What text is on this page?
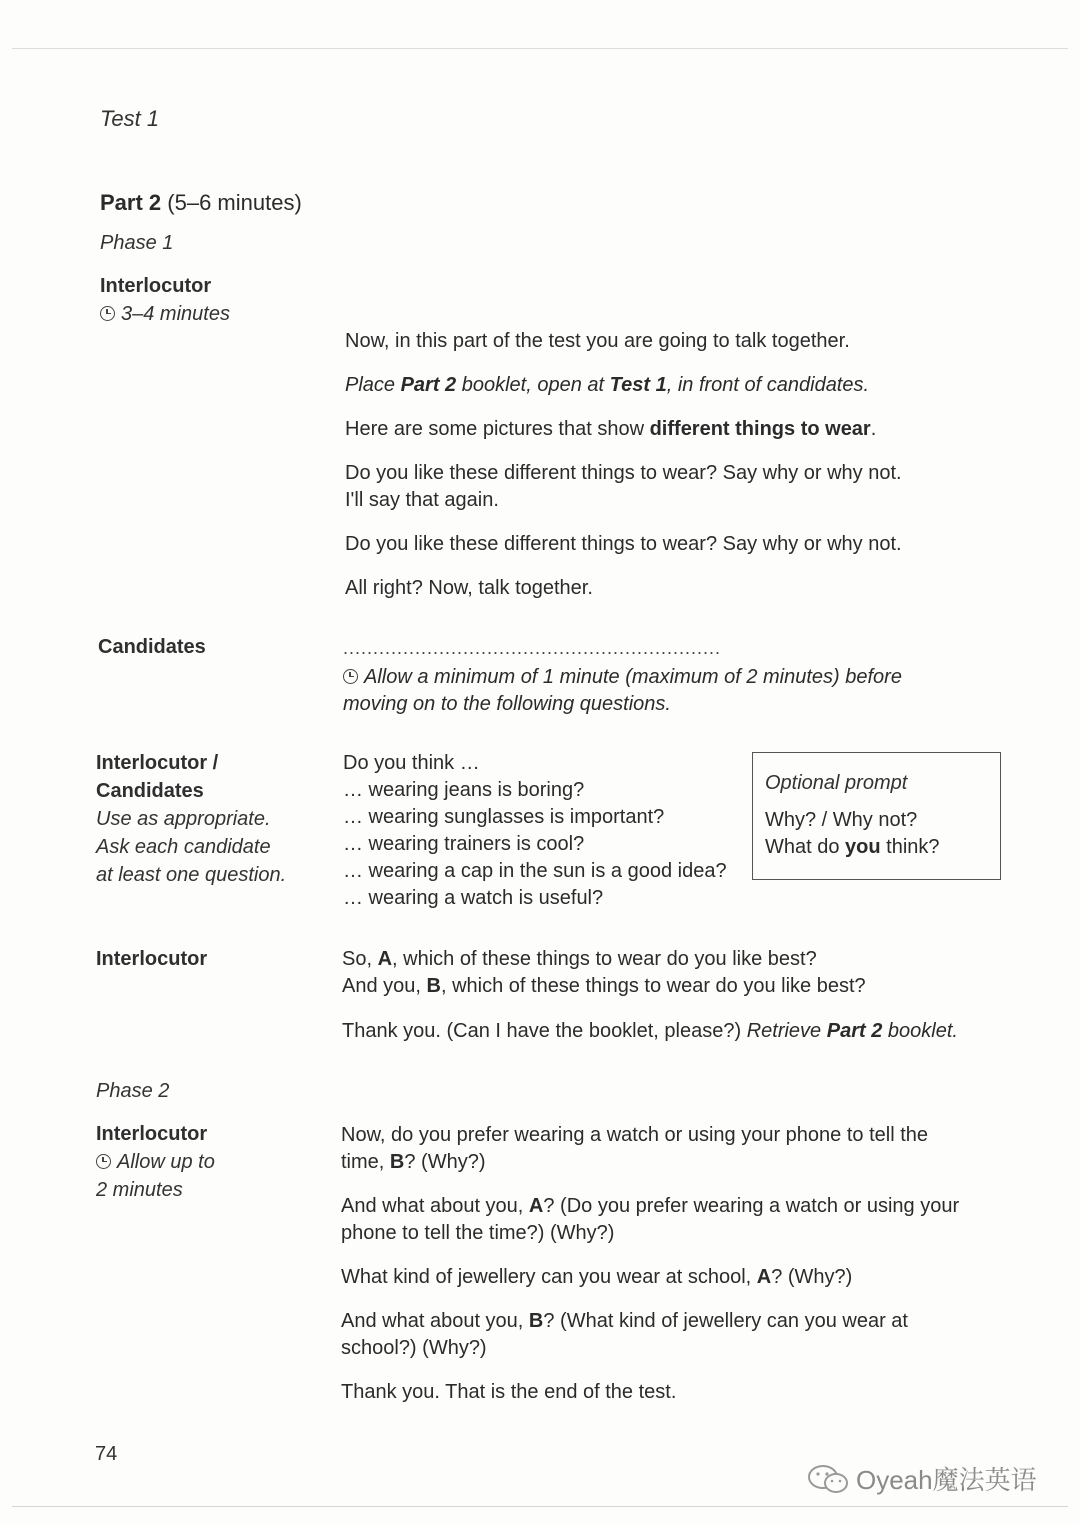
Test 1

Part 2 (5–6 minutes)

Phase 1

Interlocutor
3–4 minutes
Now, in this part of the test you are going to talk together.
Place Part 2 booklet, open at Test 1, in front of candidates.
Here are some pictures that show different things to wear.
Do you like these different things to wear? Say why or why not.
I'll say that again.
Do you like these different things to wear? Say why or why not.
All right? Now, talk together.
Candidates	...............................................................
Allow a minimum of 1 minute (maximum of 2 minutes) before
moving on to the following questions.
Interlocutor /
Candidates
Use as appropriate.
Ask each candidate
at least one question.
Do you think …
… wearing jeans is boring?
… wearing sunglasses is important?
… wearing trainers is cool?
… wearing a cap in the sun is a good idea?
… wearing a watch is useful?
Optional prompt
Why? / Why not?
What do you think?
Interlocutor	So, A, which of these things to wear do you like best?
And you, B, which of these things to wear do you like best?
Thank you. (Can I have the booklet, please?) Retrieve Part 2 booklet.

Phase 2

Interlocutor
Allow up to
2 minutes
Now, do you prefer wearing a watch or using your phone to tell the
time, B? (Why?)
And what about you, A? (Do you prefer wearing a watch or using your
phone to tell the time?) (Why?)
What kind of jewellery can you wear at school, A? (Why?)
And what about you, B? (What kind of jewellery can you wear at
school?) (Why?)
Thank you. That is the end of the test.

74

Oyeah魔法英语
